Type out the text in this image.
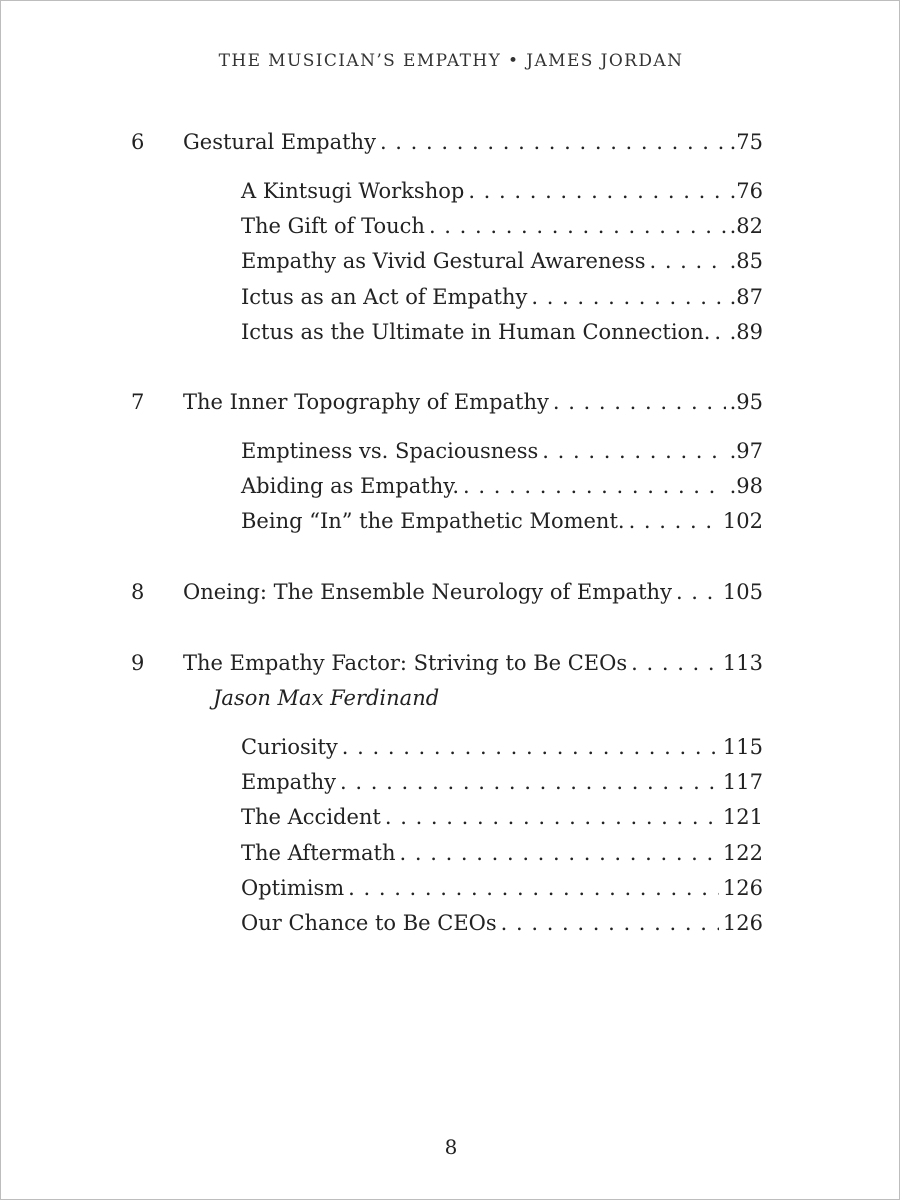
THE MUSICIAN’S EMPATHY • JAMES JORDAN
6 Gestural Empathy . . .	.75
A Kintsugi Workshop . . .	.76
The Gift of Touch . . .	.82
Empathy as Vivid Gestural Awareness . . .	.85
Ictus as an Act of Empathy . . .	.87
Ictus as the Ultimate in Human Connection. . . . .89
7 The Inner Topography of Empathy . . .	.95
Emptiness vs. Spaciousness . . .	.97
Abiding as Empathy. . . .	.98
Being “In” the Empathetic Moment. . . .	102
8 Oneing: The Ensemble Neurology of Empathy . . . 105
9 The Empathy Factor: Striving to Be CEOs . . .	113
Jason Max Ferdinand
Curiosity . . .	115
Empathy . . .	117
The Accident . . .	121
The Aftermath . . .	122
Optimism . . .	126
Our Chance to Be CEOs . . .	126
8
